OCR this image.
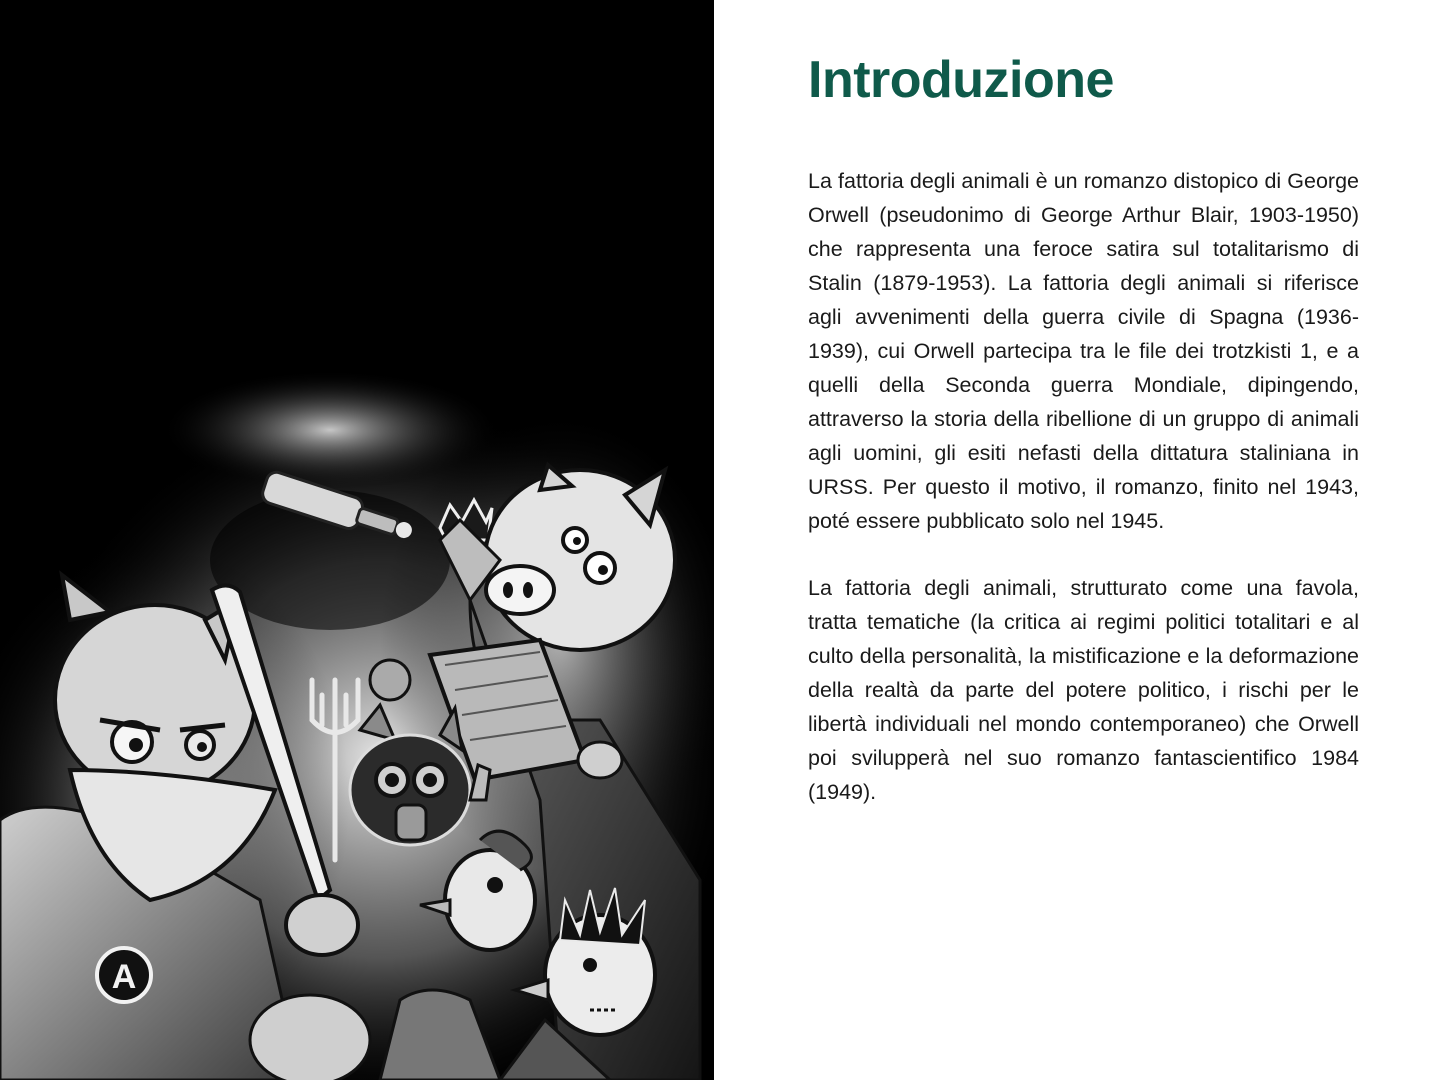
A
Introduzione

La fattoria degli animali è un romanzo distopico di George Orwell (pseudonimo di George Arthur Blair, 1903-1950) che rappresenta una feroce satira sul totalitarismo di Stalin (1879-1953). La fattoria degli animali si riferisce agli avvenimenti della guerra civile di Spagna (1936-1939), cui Orwell partecipa tra le file dei trotzkisti 1, e a quelli della Seconda guerra Mondiale, dipingendo, attraverso la storia della ribellione di un gruppo di animali agli uomini, gli esiti nefasti della dittatura staliniana in URSS. Per questo il motivo, il romanzo, finito nel 1943, poté essere pubblicato solo nel 1945.

La fattoria degli animali, strutturato come una favola, tratta tematiche (la critica ai regimi politici totalitari e al culto della personalità, la mistificazione e la deformazione della realtà da parte del potere politico, i rischi per le libertà individuali nel mondo contemporaneo) che Orwell poi svilupperà nel suo romanzo fantascientifico 1984 (1949).
